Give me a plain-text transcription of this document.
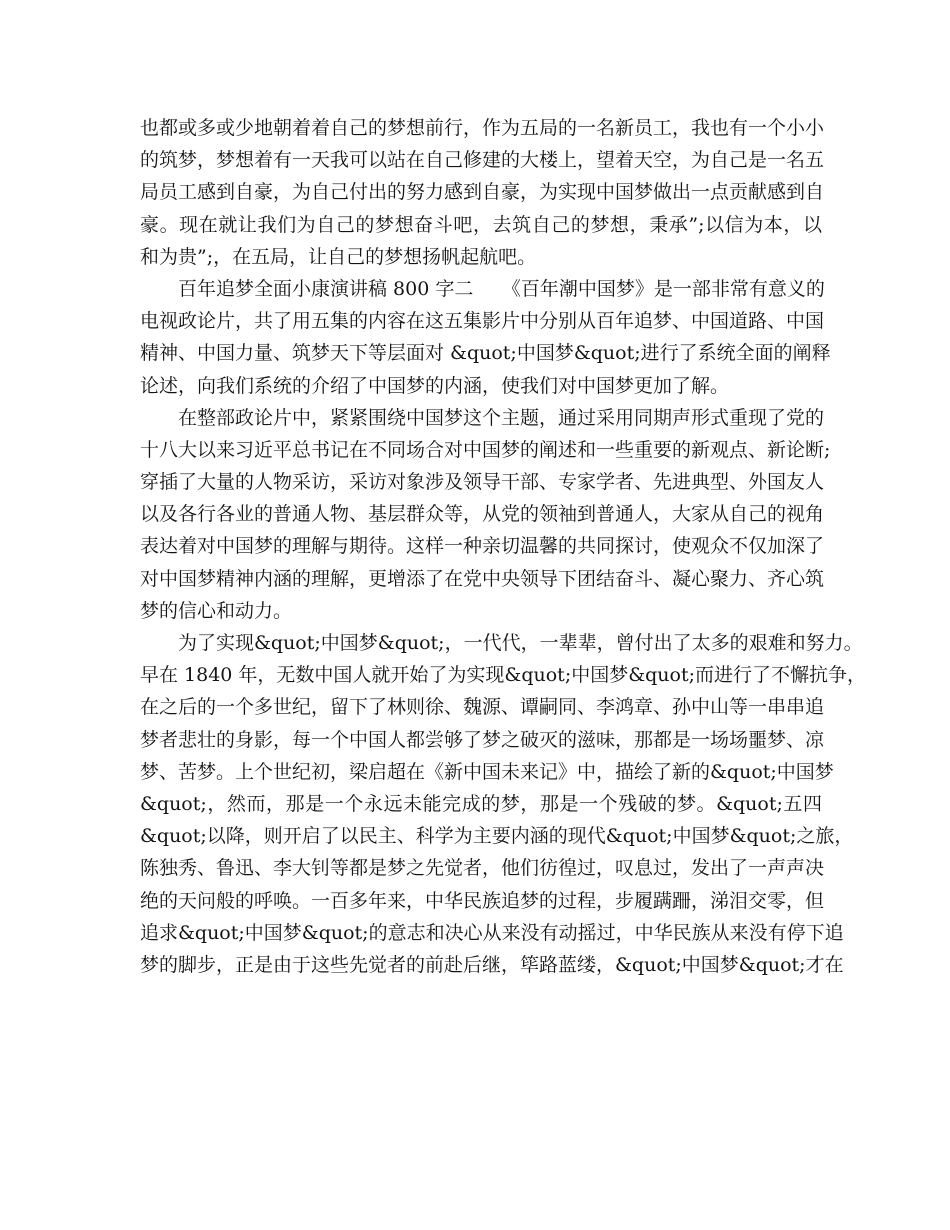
也都或多或少地朝着着自己的梦想前行，作为五局的一名新员工，我也有一个小小
的筑梦，梦想着有一天我可以站在自己修建的大楼上，望着天空，为自己是一名五
局员工感到自豪，为自己付出的努力感到自豪，为实现中国梦做出一点贡献感到自
豪。现在就让我们为自己的梦想奋斗吧，去筑自己的梦想，秉承”;以信为本，以
和为贵”;，在五局，让自己的梦想扬帆起航吧。
百年追梦全面小康演讲稿 800 字二　　《百年潮中国梦》是一部非常有意义的
电视政论片，共了用五集的内容在这五集影片中分别从百年追梦、中国道路、中国
精神、中国力量、筑梦天下等层面对 &quot;中国梦&quot;进行了系统全面的阐释
论述，向我们系统的介绍了中国梦的内涵，使我们对中国梦更加了解。
在整部政论片中，紧紧围绕中国梦这个主题，通过采用同期声形式重现了党的
十八大以来习近平总书记在不同场合对中国梦的阐述和一些重要的新观点、新论断;
穿插了大量的人物采访，采访对象涉及领导干部、专家学者、先进典型、外国友人
以及各行各业的普通人物、基层群众等，从党的领袖到普通人，大家从自己的视角
表达着对中国梦的理解与期待。这样一种亲切温馨的共同探讨，使观众不仅加深了
对中国梦精神内涵的理解，更增添了在党中央领导下团结奋斗、凝心聚力、齐心筑
梦的信心和动力。
为了实现&quot;中国梦&quot;，一代代，一辈辈，曾付出了太多的艰难和努力。
早在 1840 年，无数中国人就开始了为实现&quot;中国梦&quot;而进行了不懈抗争，
在之后的一个多世纪，留下了林则徐、魏源、谭嗣同、李鸿章、孙中山等一串串追
梦者悲壮的身影，每一个中国人都尝够了梦之破灭的滋味，那都是一场场噩梦、凉
梦、苦梦。上个世纪初，梁启超在《新中国未来记》中，描绘了新的&quot;中国梦
&quot;，然而，那是一个永远未能完成的梦，那是一个残破的梦。&quot;五四
&quot;以降，则开启了以民主、科学为主要内涵的现代&quot;中国梦&quot;之旅，
陈独秀、鲁迅、李大钊等都是梦之先觉者，他们彷徨过，叹息过，发出了一声声决
绝的天问般的呼唤。一百多年来，中华民族追梦的过程，步履蹒跚，涕泪交零，但
追求&quot;中国梦&quot;的意志和决心从来没有动摇过，中华民族从来没有停下追
梦的脚步，正是由于这些先觉者的前赴后继，筚路蓝缕，&quot;中国梦&quot;才在
